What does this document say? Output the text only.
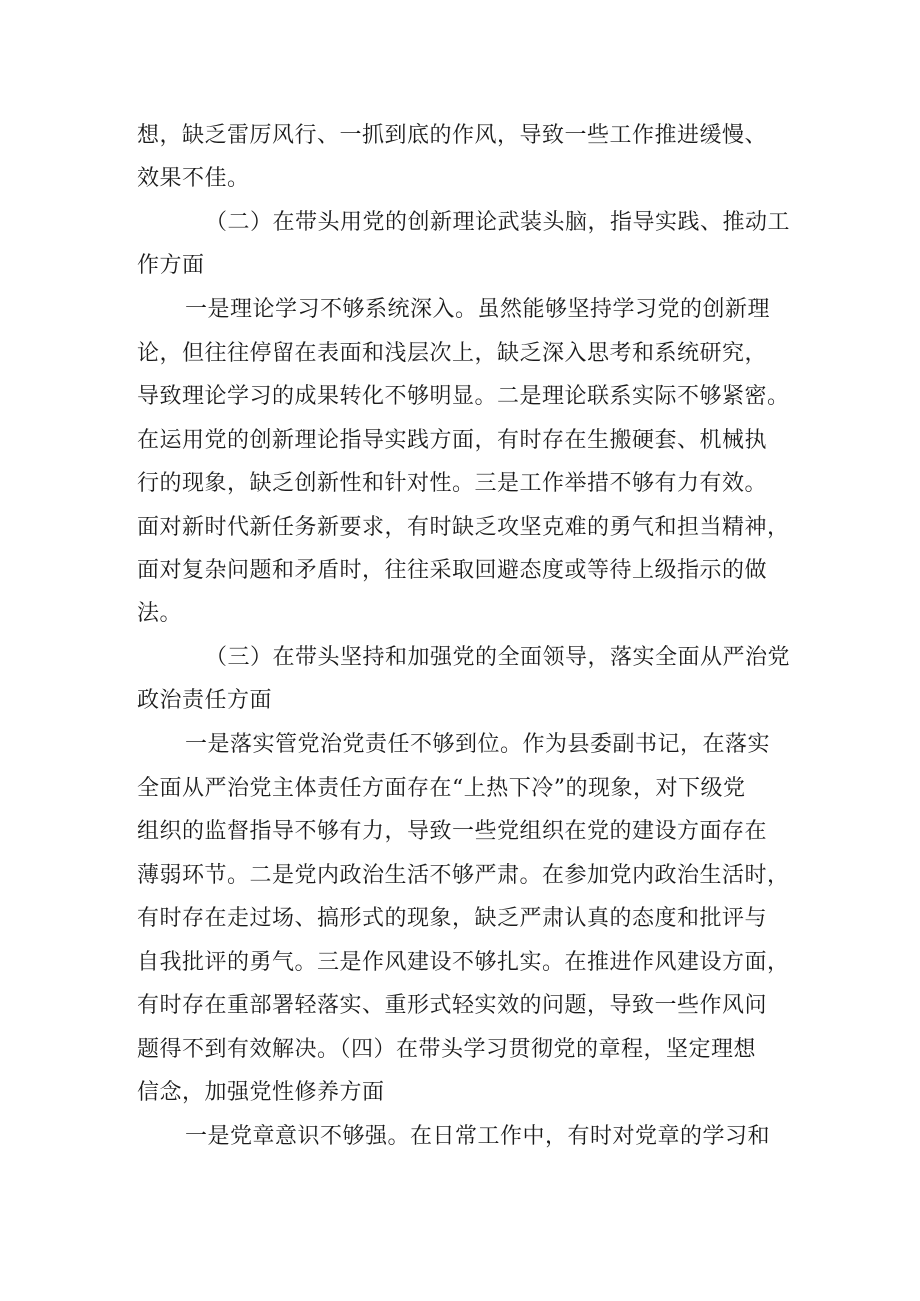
想，缺乏雷厉风行、一抓到底的作风，导致一些工作推进缓慢、
效果不佳。
（二）在带头用党的创新理论武装头脑，指导实践、推动工
作方面
一是理论学习不够系统深入。虽然能够坚持学习党的创新理
论，但往往停留在表面和浅层次上，缺乏深入思考和系统研究，
导致理论学习的成果转化不够明显。二是理论联系实际不够紧密。
在运用党的创新理论指导实践方面，有时存在生搬硬套、机械执
行的现象，缺乏创新性和针对性。三是工作举措不够有力有效。
面对新时代新任务新要求，有时缺乏攻坚克难的勇气和担当精神，
面对复杂问题和矛盾时，往往采取回避态度或等待上级指示的做
法。
（三）在带头坚持和加强党的全面领导，落实全面从严治党
政治责任方面
一是落实管党治党责任不够到位。作为县委副书记，在落实
全面从严治党主体责任方面存在“上热下冷”的现象，对下级党
组织的监督指导不够有力，导致一些党组织在党的建设方面存在
薄弱环节。二是党内政治生活不够严肃。在参加党内政治生活时，
有时存在走过场、搞形式的现象，缺乏严肃认真的态度和批评与
自我批评的勇气。三是作风建设不够扎实。在推进作风建设方面，
有时存在重部署轻落实、重形式轻实效的问题，导致一些作风问
题得不到有效解决。（四）在带头学习贯彻党的章程，坚定理想
信念，加强党性修养方面
一是党章意识不够强。在日常工作中，有时对党章的学习和
